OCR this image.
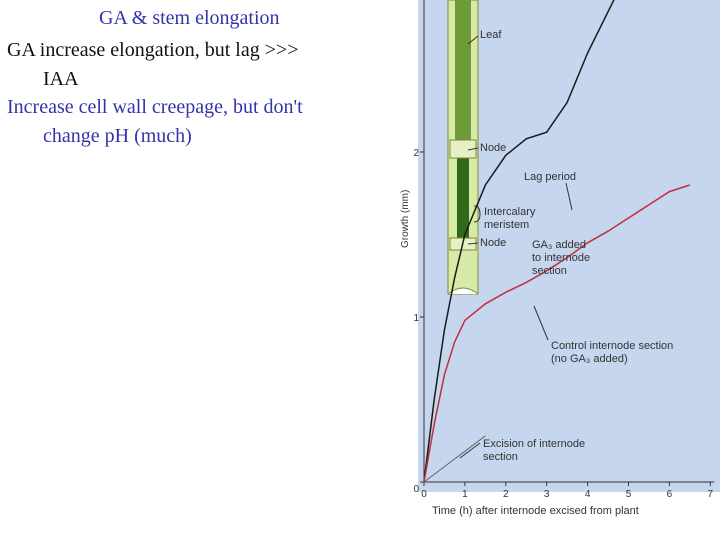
GA & stem elongation
GA increase elongation, but lag >>>
IAA
Increase cell wall creepage, but don't
change pH (much)
0	1	2	3	4	5	6	7
0
1
2
Leaf
Node
Lag period
Intercalary
meristem
Node GA₃ added
to internode
section
Control internode section
(no GA₃ added)
Excision of internode
section
Time (h) after internode excised from plant
Growth (mm)
